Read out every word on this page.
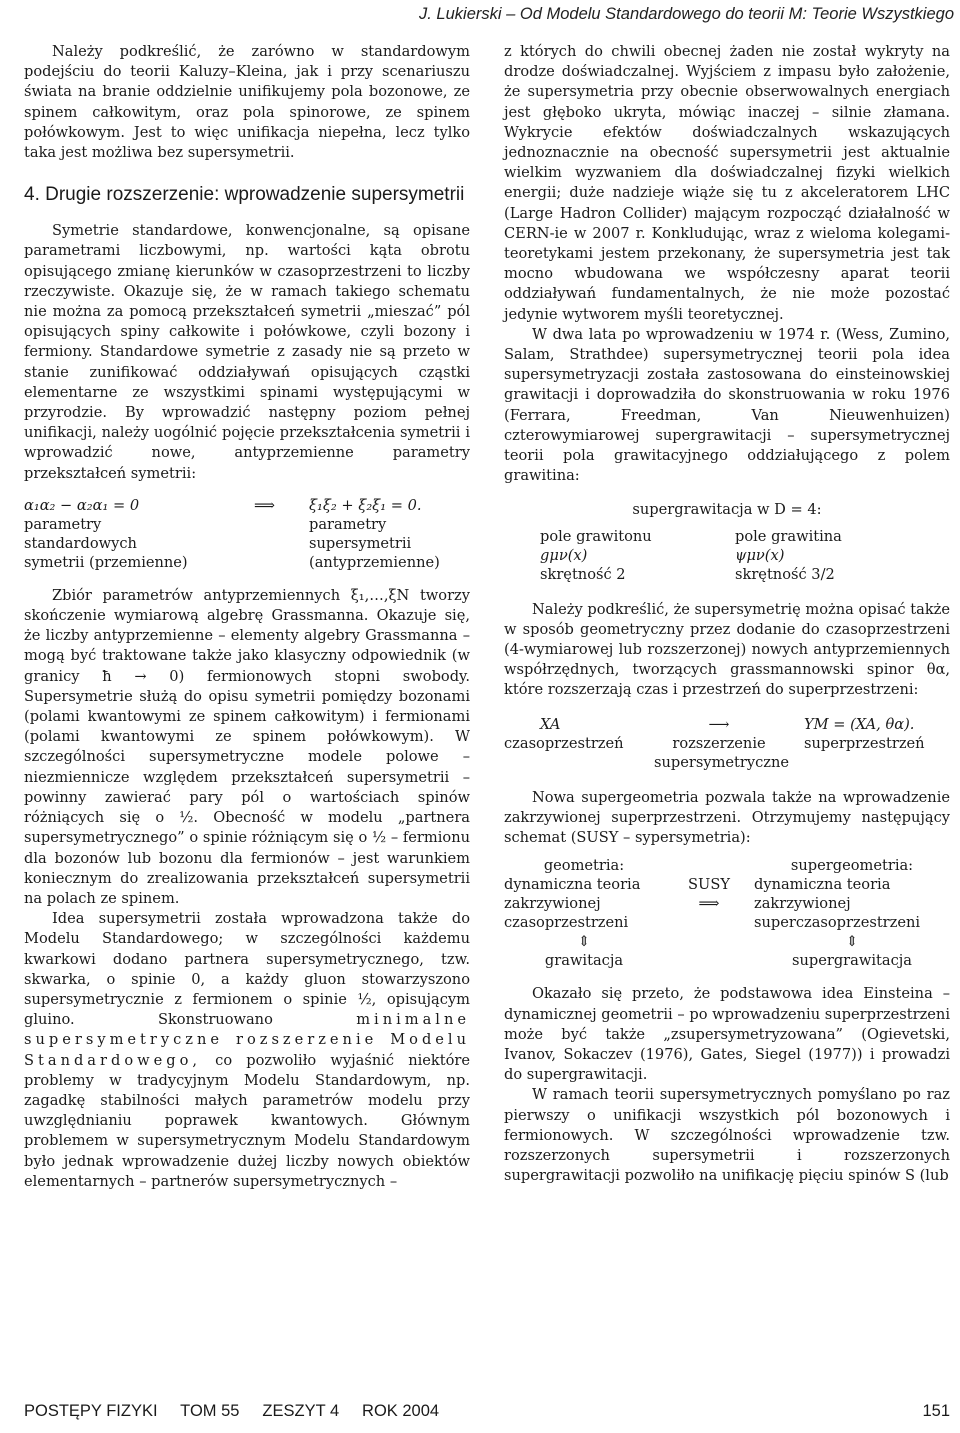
J. Lukierski – Od Modelu Standardowego do teorii M: Teorie Wszystkiego

Należy podkreślić, że zarówno w standardowym podejściu do teorii Kaluzy–Kleina, jak i przy scenariuszu świata na branie oddzielnie unifikujemy pola bozonowe, ze spinem całkowitym, oraz pola spinorowe, ze spinem połówkowym. Jest to więc unifikacja niepełna, lecz tylko taka jest możliwa bez supersymetrii.

4. Drugie rozszerzenie: wprowadzenie supersymetrii

Symetrie standardowe, konwencjonalne, są opisane parametrami liczbowymi, np. wartości kąta obrotu opisującego zmianę kierunków w czasoprzestrzeni to liczby rzeczywiste. Okazuje się, że w ramach takiego schematu nie można za pomocą przekształceń symetrii „mieszać” pól opisujących spiny całkowite i połówkowe, czyli bozony i fermiony. Standardowe symetrie z zasady nie są przeto w stanie zunifikować oddziaływań opisujących cząstki elementarne ze wszystkimi spinami występującymi w przyrodzie. By wprowadzić następny poziom pełnej unifikacji, należy uogólnić pojęcie przekształcenia symetrii i wprowadzić nowe, antyprzemienne parametry przekształceń symetrii:

α₁α₂ − α₂α₁ = 0	⟹	ξ₁ξ₂ + ξ₂ξ₁ = 0.
parametry	parametry
standardowych	supersymetrii
symetrii (przemienne)	(antyprzemienne)

Zbiór parametrów antyprzemiennych ξ₁,…,ξN tworzy skończenie wymiarową algebrę Grassmanna. Okazuje się, że liczby antyprzemienne – elementy algebry Grassmanna – mogą być traktowane także jako klasyczny odpowiednik (w granicy ħ → 0) fermionowych stopni swobody. Supersymetrie służą do opisu symetrii pomiędzy bozonami (polami kwantowymi ze spinem całkowitym) i fermionami (polami kwantowymi ze spinem połówkowym). W szczególności supersymetryczne modele polowe – niezmiennicze względem przekształceń supersymetrii – powinny zawierać pary pól o wartościach spinów różniących się o ½. Obecność w modelu „partnera supersymetrycznego” o spinie różniącym się o ½ – fermionu dla bozonów lub bozonu dla fermionów – jest warunkiem koniecznym do zrealizowania przekształceń supersymetrii na polach ze spinem.

Idea supersymetrii została wprowadzona także do Modelu Standardowego; w szczególności każdemu kwarkowi dodano partnera supersymetrycznego, tzw. skwarka, o spinie 0, a każdy gluon stowarzyszono supersymetrycznie z fermionem o spinie ½, opisującym gluino. Skonstruowano	minimalne supersymetryczne rozszerzenie Modelu Standardowego, co pozwoliło wyjaśnić niektóre problemy w tradycyjnym Modelu Standardowym, np. zagadkę stabilności małych parametrów modelu przy uwzględnianiu poprawek kwantowych. Głównym problemem w supersymetrycznym Modelu Standardowym było jednak wprowadzenie dużej liczby nowych obiektów elementarnych – partnerów supersymetrycznych –

z których do chwili obecnej żaden nie został wykryty na drodze doświadczalnej. Wyjściem z impasu było założenie, że supersymetria przy obecnie obserwowalnych energiach jest głęboko ukryta, mówiąc inaczej – silnie złamana. Wykrycie efektów doświadczalnych wskazujących jednoznacznie na obecność supersymetrii jest aktualnie wielkim wyzwaniem dla doświadczalnej fizyki wielkich energii; duże nadzieje wiąże się tu z akceleratorem LHC (Large Hadron Collider) mającym rozpocząć działalność w CERN-ie w 2007 r. Konkludując, wraz z wieloma kolegami-teoretykami jestem przekonany, że supersymetria jest tak mocno wbudowana we współczesny aparat teorii oddziaływań fundamentalnych, że nie może pozostać jedynie wytworem myśli teoretycznej.

W dwa lata po wprowadzeniu w 1974 r. (Wess, Zumino, Salam, Strathdee) supersymetrycznej teorii pola idea supersymetryzacji została zastosowana do einsteinowskiej grawitacji i doprowadziła do skonstruowania w roku 1976 (Ferrara, Freedman, Van Nieuwenhuizen) czterowymiarowej supergrawitacji – supersymetrycznej teorii pola grawitacyjnego oddziałującego z polem grawitina:

supergrawitacja w D = 4:
pole grawitonu	pole grawitina
gμν(x)	ψμν(x)
skrętność 2	skrętność 3/2

Należy podkreślić, że supersymetrię można opisać także w sposób geometryczny przez dodanie do czasoprzestrzeni (4-wymiarowej lub rozszerzonej) nowych antyprzemiennych współrzędnych, tworzących grassmannowski spinor θα, które rozszerzają czas i przestrzeń do superprzestrzeni:

XA	⟶	YM = (XA, θα).
czasoprzestrzeń	rozszerzenie	superprzestrzeń
supersymetryczne

Nowa supergeometria pozwala także na wprowadzenie zakrzywionej superprzestrzeni. Otrzymujemy następujący schemat (SUSY – sypersymetria):

geometria:	supergeometria:
dynamiczna teoria	SUSY	dynamiczna teoria
zakrzywionej	⟹	zakrzywionej
czasoprzestrzeni	superczasoprzestrzeni
⇕	⇕
grawitacja	supergrawitacja

Okazało się przeto, że podstawowa idea Einsteina – dynamicznej geometrii – po wprowadzeniu superprzestrzeni może być także „zsupersymetryzowana” (Ogievetski, Ivanov, Sokaczev (1976), Gates, Siegel (1977)) i prowadzi do supergrawitacji.

W ramach teorii supersymetrycznych pomyślano po raz pierwszy o unifikacji wszystkich pól bozonowych i fermionowych. W szczególności wprowadzenie tzw. rozszerzonych supersymetrii i rozszerzonych supergrawitacji pozwoliło na unifikację pięciu spinów S (lub

POSTĘPY FIZYKI     TOM 55     ZESZYT 4     ROK 2004	151
